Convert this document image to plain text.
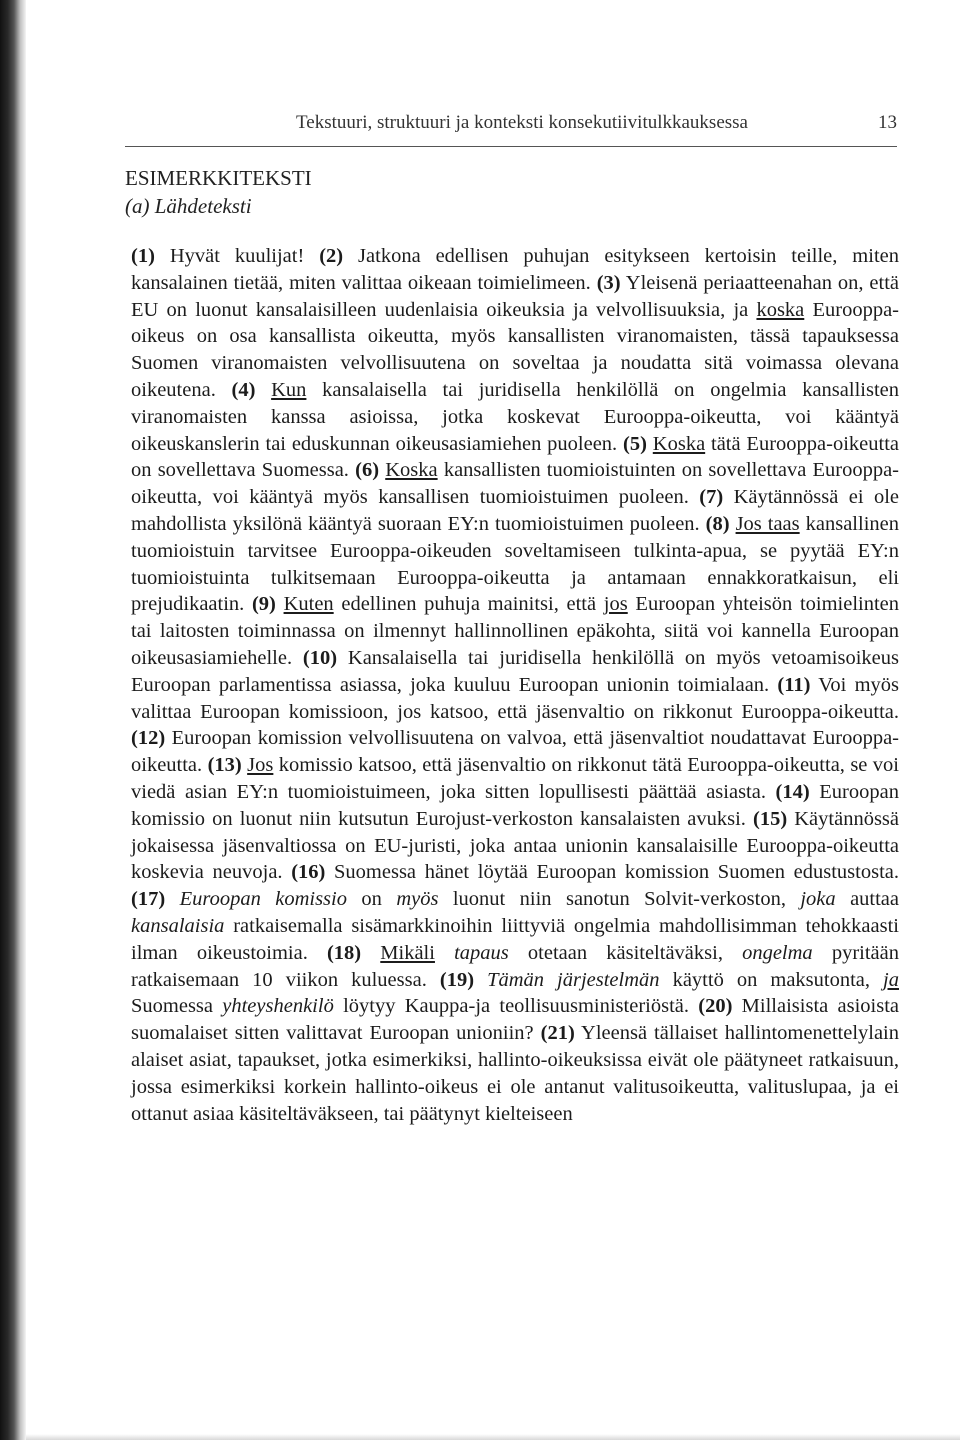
Tekstuuri, struktuuri ja konteksti konsekutiivitulkkauksessa	13
ESIMERKKITEKSTI
(a) Lähdeteksti
(1) Hyvät kuulijat! (2) Jatkona edellisen puhujan esitykseen kertoisin teille, miten kansalainen tietää, miten valittaa oikeaan toimielimeen. (3) Yleisenä periaatteenahan on, että EU on luonut kansalaisilleen uudenlaisia oikeuksia ja velvollisuuksia, ja koska Eurooppa-oikeus on osa kansallista oikeutta, myös kansallisten viranomaisten, tässä tapauksessa Suomen viranomaisten velvollisuutena on soveltaa ja noudatta sitä voimassa olevana oikeutena. (4) Kun kansalaisella tai juridisella henkilöllä on ongelmia kansallisten viranomaisten kanssa asioissa, jotka koskevat Eurooppa-oikeutta, voi kääntyä oikeuskanslerin tai eduskunnan oikeusasiamiehen puoleen. (5) Koska tätä Eurooppa-oikeutta on sovellettava Suomessa. (6) Koska kansallisten tuomioistuinten on sovellettava Eurooppa-oikeutta, voi kääntyä myös kansallisen tuomioistuimen puoleen. (7) Käytännössä ei ole mahdollista yksilönä kääntyä suoraan EY:n tuomioistuimen puoleen. (8) Jos taas kansallinen tuomioistuin tarvitsee Eurooppa-oikeuden soveltamiseen tulkinta-apua, se pyytää EY:n tuomioistuinta tulkitsemaan Eurooppa-oikeutta ja antamaan ennakkoratkaisun, eli prejudikaatin. (9) Kuten edellinen puhuja mainitsi, että jos Euroopan yhteisön toimielinten tai laitosten toiminnassa on ilmennyt hallinnollinen epäkohta, siitä voi kannella Euroopan oikeusasiamiehelle. (10) Kansalaisella tai juridisella henkilöllä on myös vetoamisoikeus Euroopan parlamentissa asiassa, joka kuuluu Euroopan unionin toimialaan. (11) Voi myös valittaa Euroopan komissioon, jos katsoo, että jäsenvaltio on rikkonut Eurooppa-oikeutta. (12) Euroopan komission velvollisuutena on valvoa, että jäsenvaltiot noudattavat Eurooppa-oikeutta. (13) Jos komissio katsoo, että jäsenvaltio on rikkonut tätä Eurooppa-oikeutta, se voi viedä asian EY:n tuomioistuimeen, joka sitten lopullisesti päättää asiasta. (14) Euroopan komissio on luonut niin kutsutun Eurojust-verkoston kansalaisten avuksi. (15) Käytännössä jokaisessa jäsenvaltiossa on EU-juristi, joka antaa unionin kansalaisille Eurooppa-oikeutta koskevia neuvoja. (16) Suomessa hänet löytää Euroopan komission Suomen edustustosta. (17) Euroopan komissio on myös luonut niin sanotun Solvit-verkoston, joka auttaa kansalaisia ratkaisemalla sisämarkkinoihin liittyviä ongelmia mahdollisimman tehokkaasti ilman oikeustoimia. (18) Mikäli tapaus otetaan käsiteltäväksi, ongelma pyritään ratkaisemaan 10 viikon kuluessa. (19) Tämän järjestelmän käyttö on maksutonta, ja Suomessa yhteyshenkilö löytyy Kauppa-ja teollisuusministeriöstä. (20) Millaisista asioista suomalaiset sitten valittavat Euroopan unioniin? (21) Yleensä tällaiset hallintomenettelylain alaiset asiat, tapaukset, jotka esimerkiksi, hallinto-oikeuksissa eivät ole päätyneet ratkaisuun, jossa esimerkiksi korkein hallinto-oikeus ei ole antanut valitusoikeutta, valituslupaa, ja ei ottanut asiaa käsiteltäväkseen, tai päätynyt kielteiseen
